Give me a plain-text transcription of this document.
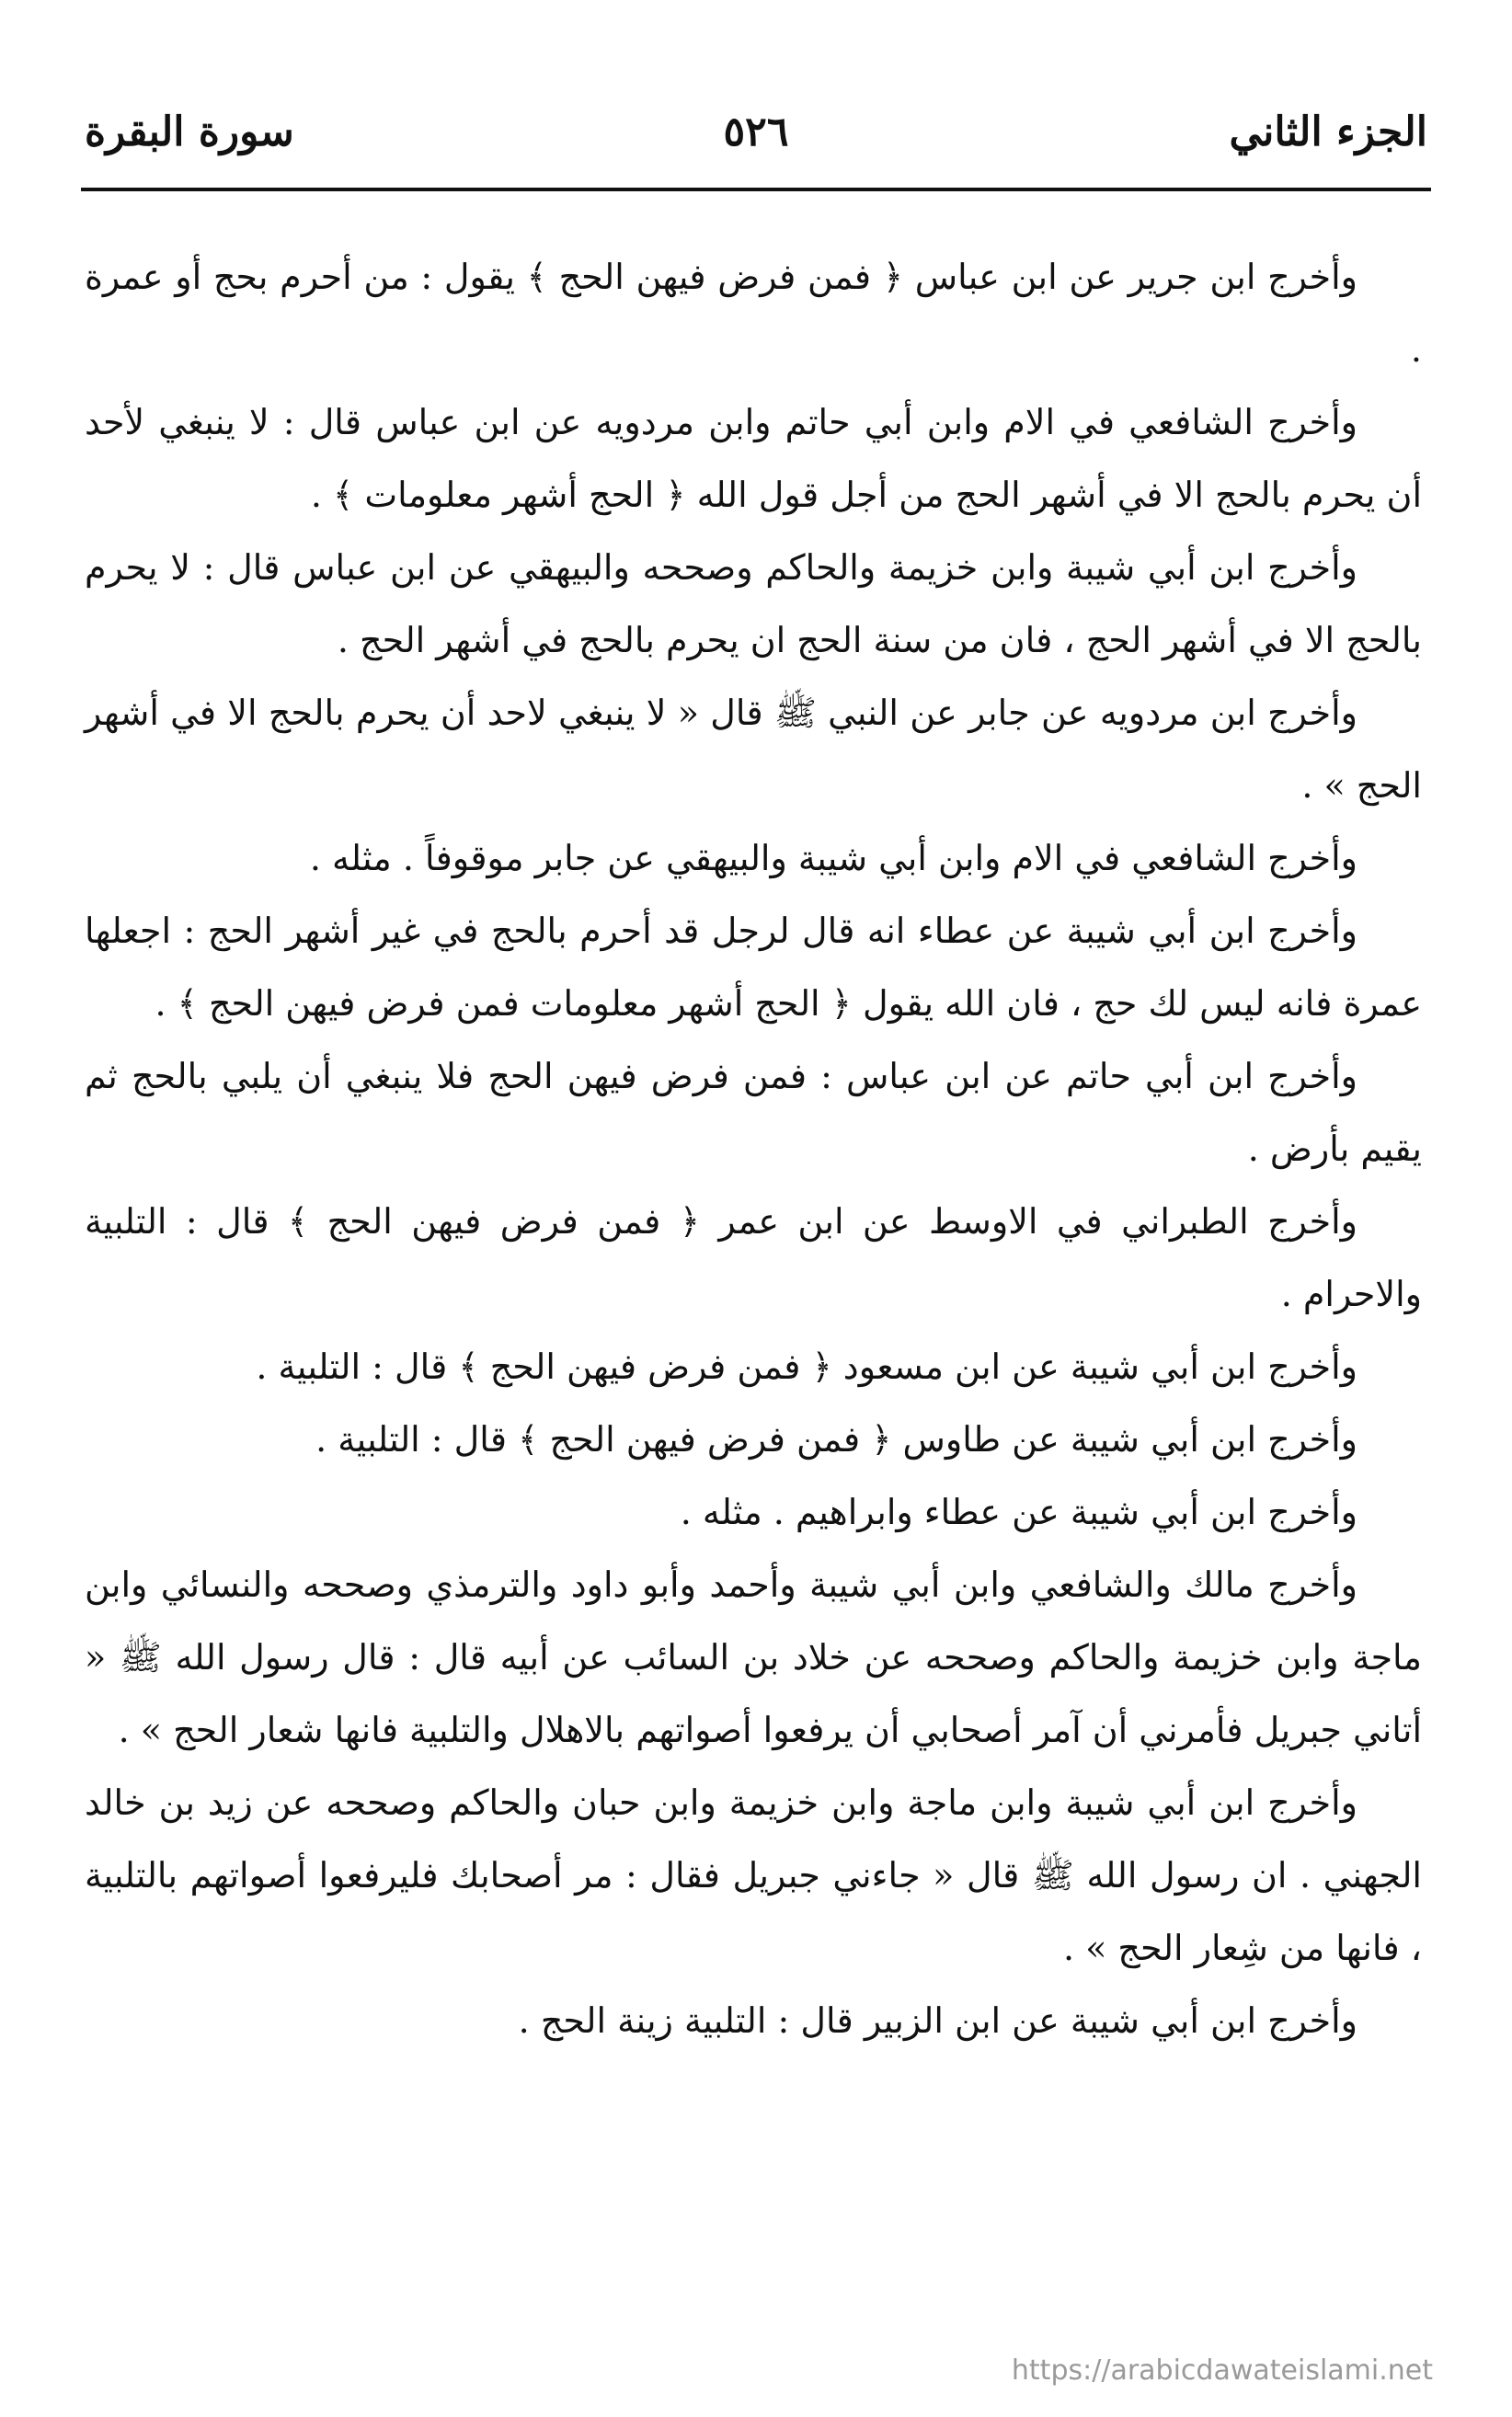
الجزء الثاني
٥٢٦
سورة البقرة

وأخرج ابن جرير عن ابن عباس ﴿ فمن فرض فيهن الحج ﴾ يقول : من أحرم بحج أو عمرة .

وأخرج الشافعي في الام وابن أبي حاتم وابن مردويه عن ابن عباس قال : لا ينبغي لأحد أن يحرم بالحج الا في أشهر الحج من أجل قول الله ﴿ الحج أشهر معلومات ﴾ .

وأخرج ابن أبي شيبة وابن خزيمة والحاكم وصححه والبيهقي عن ابن عباس قال : لا يحرم بالحج الا في أشهر الحج ، فان من سنة الحج ان يحرم بالحج في أشهر الحج .

وأخرج ابن مردويه عن جابر عن النبي ﷺ قال « لا ينبغي لاحد أن يحرم بالحج الا في أشهر الحج » .

وأخرج الشافعي في الام وابن أبي شيبة والبيهقي عن جابر موقوفاً . مثله .

وأخرج ابن أبي شيبة عن عطاء انه قال لرجل قد أحرم بالحج في غير أشهر الحج : اجعلها عمرة فانه ليس لك حج ، فان الله يقول ﴿ الحج أشهر معلومات فمن فرض فيهن الحج ﴾ .

وأخرج ابن أبي حاتم عن ابن عباس : فمن فرض فيهن الحج فلا ينبغي أن يلبي بالحج ثم يقيم بأرض .

وأخرج الطبراني في الاوسط عن ابن عمر ﴿ فمن فرض فيهن الحج ﴾ قال : التلبية والاحرام .

وأخرج ابن أبي شيبة عن ابن مسعود ﴿ فمن فرض فيهن الحج ﴾ قال : التلبية .

وأخرج ابن أبي شيبة عن طاوس ﴿ فمن فرض فيهن الحج ﴾ قال : التلبية .

وأخرج ابن أبي شيبة عن عطاء وابراهيم . مثله .

وأخرج مالك والشافعي وابن أبي شيبة وأحمد وأبو داود والترمذي وصححه والنسائي وابن ماجة وابن خزيمة والحاكم وصححه عن خلاد بن السائب عن أبيه قال : قال رسول الله ﷺ « أتاني جبريل فأمرني أن آمر أصحابي أن يرفعوا أصواتهم بالاهلال والتلبية فانها شعار الحج » .

وأخرج ابن أبي شيبة وابن ماجة وابن خزيمة وابن حبان والحاكم وصححه عن زيد بن خالد الجهني . ان رسول الله ﷺ قال « جاءني جبريل فقال : مر أصحابك فليرفعوا أصواتهم بالتلبية ، فانها من شِعار الحج » .

وأخرج ابن أبي شيبة عن ابن الزبير قال : التلبية زينة الحج .

https://arabicdawateislami.net
